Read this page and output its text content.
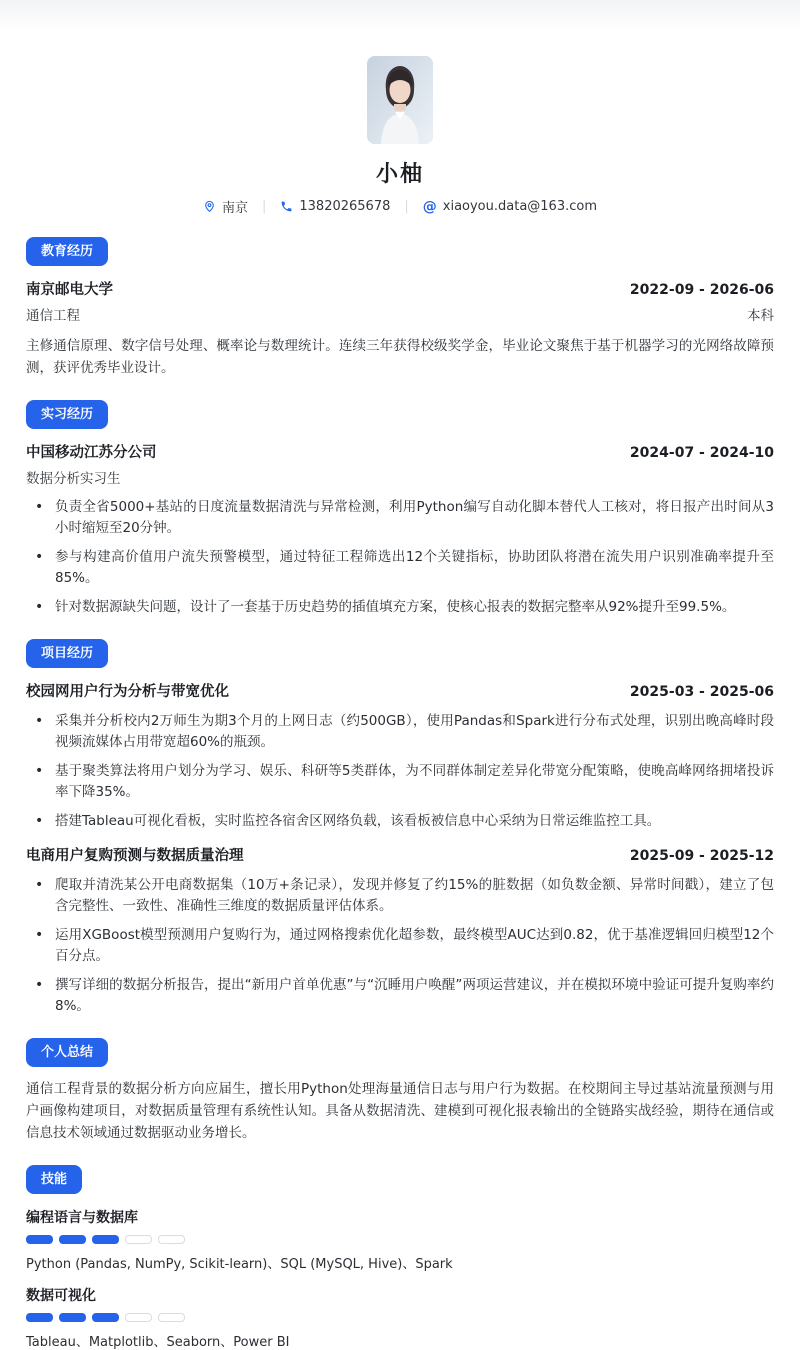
小柚
南京 |	13820265678 | @ xiaoyou.data@163.com
教育经历
南京邮电大学	2022-09 - 2026-06
通信工程	本科
主修通信原理、数字信号处理、概率论与数理统计。连续三年获得校级奖学金，毕业论文聚焦于基于机器学习的光网络故障预测，获评优秀毕业设计。
实习经历
中国移动江苏分公司	2024-07 - 2024-10
数据分析实习生
• 负责全省5000+基站的日度流量数据清洗与异常检测，利用Python编写自动化脚本替代人工核对，将日报产出时间从3小时缩短至20分钟。
• 参与构建高价值用户流失预警模型，通过特征工程筛选出12个关键指标，协助团队将潜在流失用户识别准确率提升至85%。
• 针对数据源缺失问题，设计了一套基于历史趋势的插值填充方案，使核心报表的数据完整率从92%提升至99.5%。
项目经历
校园网用户行为分析与带宽优化	2025-03 - 2025-06
• 采集并分析校内2万师生为期3个月的上网日志（约500GB），使用Pandas和Spark进行分布式处理，识别出晚高峰时段视频流媒体占用带宽超60%的瓶颈。
• 基于聚类算法将用户划分为学习、娱乐、科研等5类群体，为不同群体制定差异化带宽分配策略，使晚高峰网络拥堵投诉率下降35%。
• 搭建Tableau可视化看板，实时监控各宿舍区网络负载，该看板被信息中心采纳为日常运维监控工具。
电商用户复购预测与数据质量治理	2025-09 - 2025-12
• 爬取并清洗某公开电商数据集（10万+条记录），发现并修复了约15%的脏数据（如负数金额、异常时间戳），建立了包含完整性、一致性、准确性三维度的数据质量评估体系。
• 运用XGBoost模型预测用户复购行为，通过网格搜索优化超参数，最终模型AUC达到0.82，优于基准逻辑回归模型12个百分点。
• 撰写详细的数据分析报告，提出“新用户首单优惠”与“沉睡用户唤醒”两项运营建议，并在模拟环境中验证可提升复购率约8%。
个人总结
通信工程背景的数据分析方向应届生，擅长用Python处理海量通信日志与用户行为数据。在校期间主导过基站流量预测与用户画像构建项目，对数据质量管理有系统性认知。具备从数据清洗、建模到可视化报表输出的全链路实战经验，期待在通信或信息技术领域通过数据驱动业务增长。
技能
编程语言与数据库
Python (Pandas, NumPy, Scikit-learn)、SQL (MySQL, Hive)、Spark
数据可视化
Tableau、Matplotlib、Seaborn、Power BI
